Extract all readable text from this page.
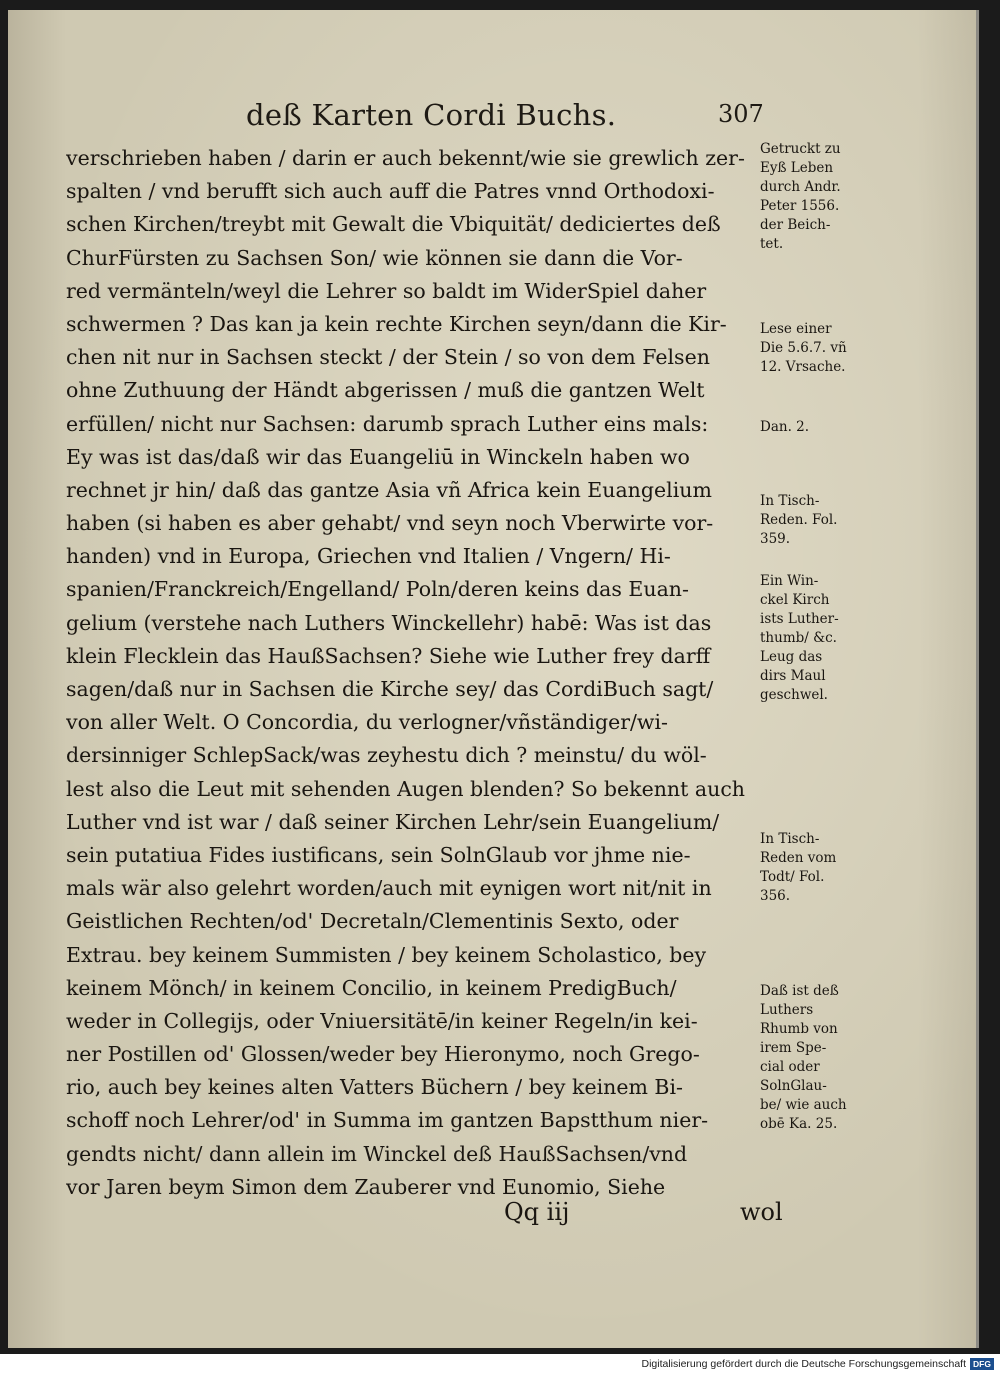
deß Karten Cordi Buchs.	307
verschrieben haben / darin er auch bekennt/wie sie grewlich zer-
spalten / vnd berufft sich auch auff die Patres vnnd Orthodoxi-
schen Kirchen/treybt mit Gewalt die Vbiquität/ dediciertes deß
ChurFürsten zu Sachsen Son/ wie können sie dann die Vor-
red vermänteln/weyl die Lehrer so baldt im WiderSpiel daher
schwermen ? Das kan ja kein rechte Kirchen seyn/dann die Kir-
chen nit nur in Sachsen steckt / der Stein / so von dem Felsen
ohne Zuthuung der Händt abgerissen / muß die gantzen Welt
erfüllen/ nicht nur Sachsen: darumb sprach Luther eins mals:
Ey was ist das/daß wir das Euangeliū in Winckeln haben wo
rechnet jr hin/ daß das gantze Asia vñ Africa kein Euangelium
haben (si haben es aber gehabt/ vnd seyn noch Vberwirte vor-
handen) vnd in Europa, Griechen vnd Italien / Vngern/ Hi-
spanien/Franckreich/Engelland/ Poln/deren keins das Euan-
gelium (verstehe nach Luthers Winckellehr) habē: Was ist das
klein Flecklein das HaußSachsen? Siehe wie Luther frey darff
sagen/daß nur in Sachsen die Kirche sey/ das CordiBuch sagt/
von aller Welt. O Concordia, du verlogner/vñständiger/wi-
dersinniger SchlepSack/was zeyhestu dich ? meinstu/ du wöl-
lest also die Leut mit sehenden Augen blenden? So bekennt auch
Luther vnd ist war / daß seiner Kirchen Lehr/sein Euangelium/
sein putatiua Fides iustificans, sein SolnGlaub vor jhme nie-
mals wär also gelehrt worden/auch mit eynigen wort nit/nit in
Geistlichen Rechten/od' Decretaln/Clementinis Sexto, oder
Extrau. bey keinem Summisten / bey keinem Scholastico, bey
keinem Mönch/ in keinem Concilio, in keinem PredigBuch/
weder in Collegijs, oder Vniuersitätē/in keiner Regeln/in kei-
ner Postillen od' Glossen/weder bey Hieronymo, noch Grego-
rio, auch bey keines alten Vatters Büchern / bey keinem Bi-
schoff noch Lehrer/od' in Summa im gantzen Bapstthum nier-
gendts nicht/ dann allein im Winckel deß HaußSachsen/vnd
vor Jaren beym Simon dem Zauberer vnd Eunomio, Siehe
Getruckt zu
Eyß Leben
durch Andr.
Peter 1556.
der Beich-
tet.
Lese einer
Die 5.6.7. vñ
12. Vrsache.
Dan. 2.
In Tisch-
Reden. Fol.
359.
Ein Win-
ckel Kirch
ists Luther-
thumb/ &c.
Leug das
dirs Maul
geschwel.
In Tisch-
Reden vom
Todt/ Fol.
356.
Daß ist deß
Luthers
Rhumb von
irem Spe-
cial oder
SolnGlau-
be/ wie auch
obē Ka. 25.
Qq iij	wol
Digitalisierung gefördert durch die Deutsche Forschungsgemeinschaft DFG
